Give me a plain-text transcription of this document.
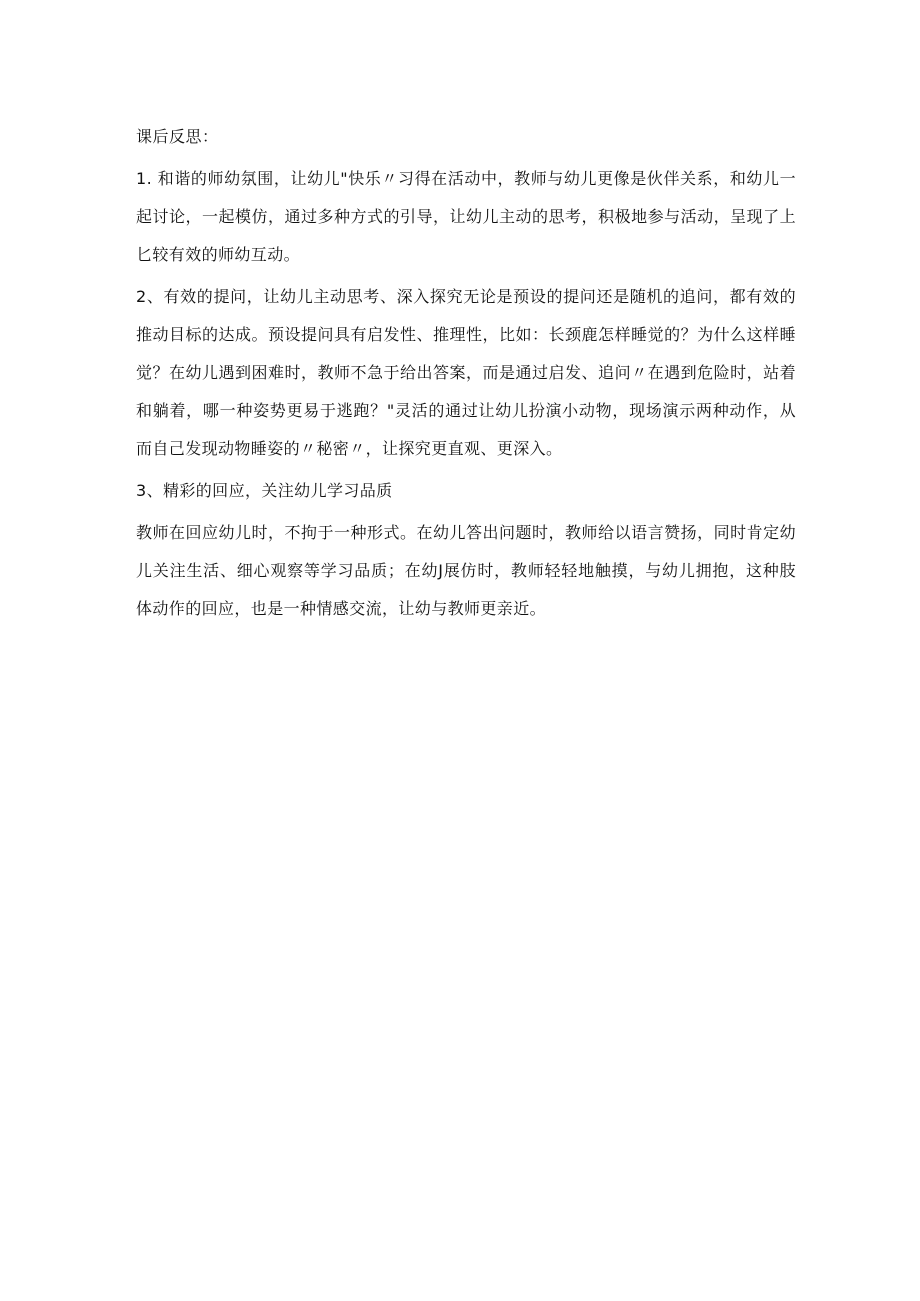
课后反思：

1. 和谐的师幼氛围，让幼儿"快乐〃习得在活动中，教师与幼儿更像是伙伴关系，和幼儿一起讨论，一起模仿，通过多种方式的引导，让幼儿主动的思考，积极地参与活动，呈现了上匕较有效的师幼互动。

2、有效的提问，让幼儿主动思考、深入探究无论是预设的提问还是随机的追问，都有效的推动目标的达成。预设提问具有启发性、推理性，比如：长颈鹿怎样睡觉的？为什么这样睡觉？在幼儿遇到困难时，教师不急于给出答案，而是通过启发、追问〃在遇到危险时，站着和躺着，哪一种姿势更易于逃跑？"灵活的通过让幼儿扮演小动物，现场演示两种动作，从而自己发现动物睡姿的〃秘密〃，让探究更直观、更深入。

3、精彩的回应，关注幼儿学习品质

教师在回应幼儿时，不拘于一种形式。在幼儿答出问题时，教师给以语言赞扬，同时肯定幼儿关注生活、细心观察等学习品质；在幼J展仿时，教师轻轻地触摸，与幼儿拥抱，这种肢体动作的回应，也是一种情感交流，让幼与教师更亲近。
